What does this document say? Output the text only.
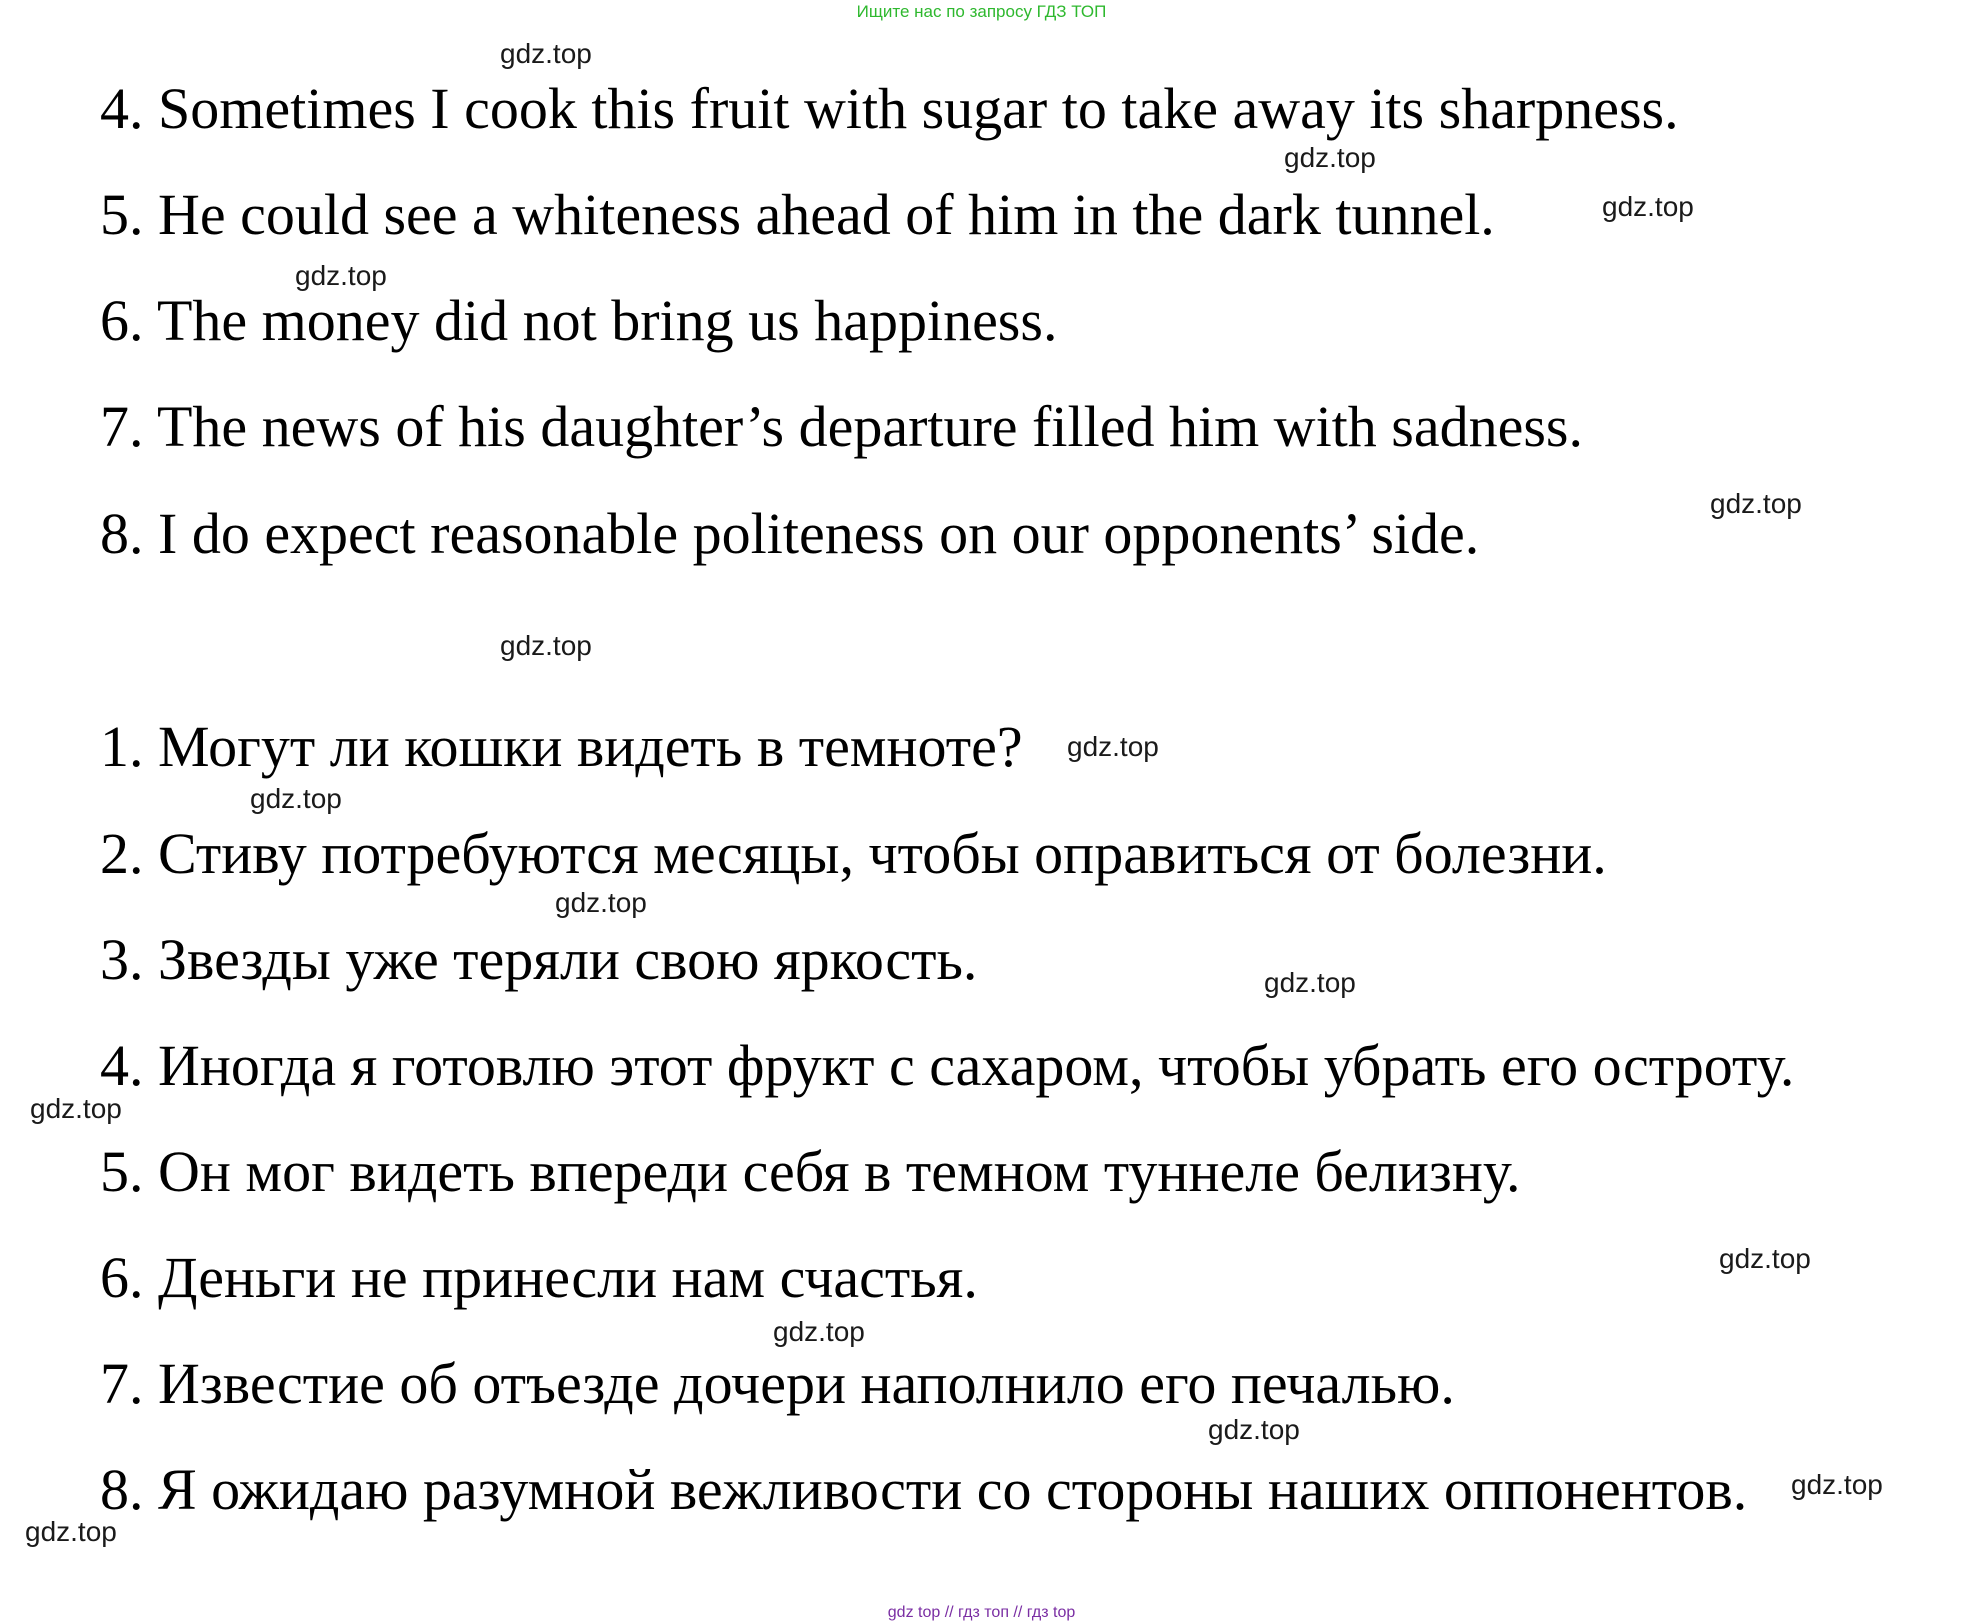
Ищите нас по запросу ГДЗ ТОП
4. Sometimes I cook this fruit with sugar to take away its sharpness.
5. He could see a whiteness ahead of him in the dark tunnel.
6. The money did not bring us happiness.
7. The news of his daughter’s departure filled him with sadness.
8. I do expect reasonable politeness on our opponents’ side.
1. Могут ли кошки видеть в темноте?
2. Стиву потребуются месяцы, чтобы оправиться от болезни.
3. Звезды уже теряли свою яркость.
4. Иногда я готовлю этот фрукт с сахаром, чтобы убрать его остроту.
5. Он мог видеть впереди себя в темном туннеле белизну.
6. Деньги не принесли нам счастья.
7. Известие об отъезде дочери наполнило его печалью.
8. Я ожидаю разумной вежливости со стороны наших оппонентов.
gdz.top
gdz.top
gdz.top
gdz.top
gdz.top
gdz.top
gdz.top
gdz.top
gdz.top
gdz.top
gdz.top
gdz.top
gdz.top
gdz.top
gdz.top
gdz.top
gdz top // гдз топ // гдз top
